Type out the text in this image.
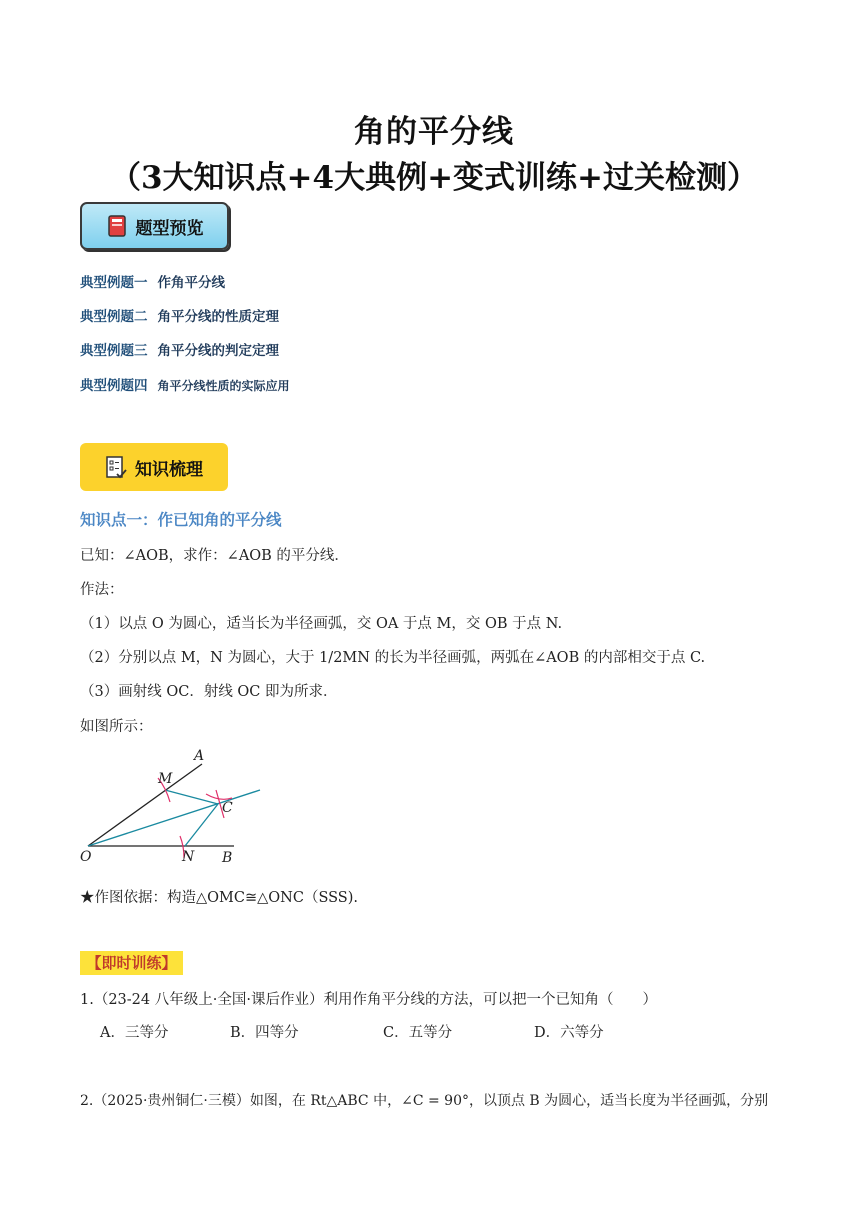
角的平分线
（3大知识点+4大典例+变式训练+过关检测）
题型预览
典型例题一 作角平分线
典型例题二 角平分线的性质定理
典型例题三 角平分线的判定定理
典型例题四 角平分线性质的实际应用
知识梳理
知识点一：作已知角的平分线
已知：∠AOB，求作：∠AOB 的平分线．
作法：
（1）以点 O 为圆心，适当长为半径画弧，交 OA 于点 M，交 OB 于点 N.
（2）分别以点 M，N 为圆心，大于 1/2MN 的长为半径画弧，两弧在∠AOB 的内部相交于点 C.
（3）画射线 OC．射线 OC 即为所求．
如图所示：
A
M
C
O	N B
★作图依据：构造△OMC≅△ONC（SSS).
【即时训练】
1.（23-24 八年级上·全国·课后作业）利用作角平分线的方法，可以把一个已知角（　　）
A．三等分	B．四等分	C．五等分	D．六等分
2.（2025·贵州铜仁·三模）如图，在 Rt△ABC 中，∠C = 90°，以顶点 B 为圆心，适当长度为半径画弧，分别
